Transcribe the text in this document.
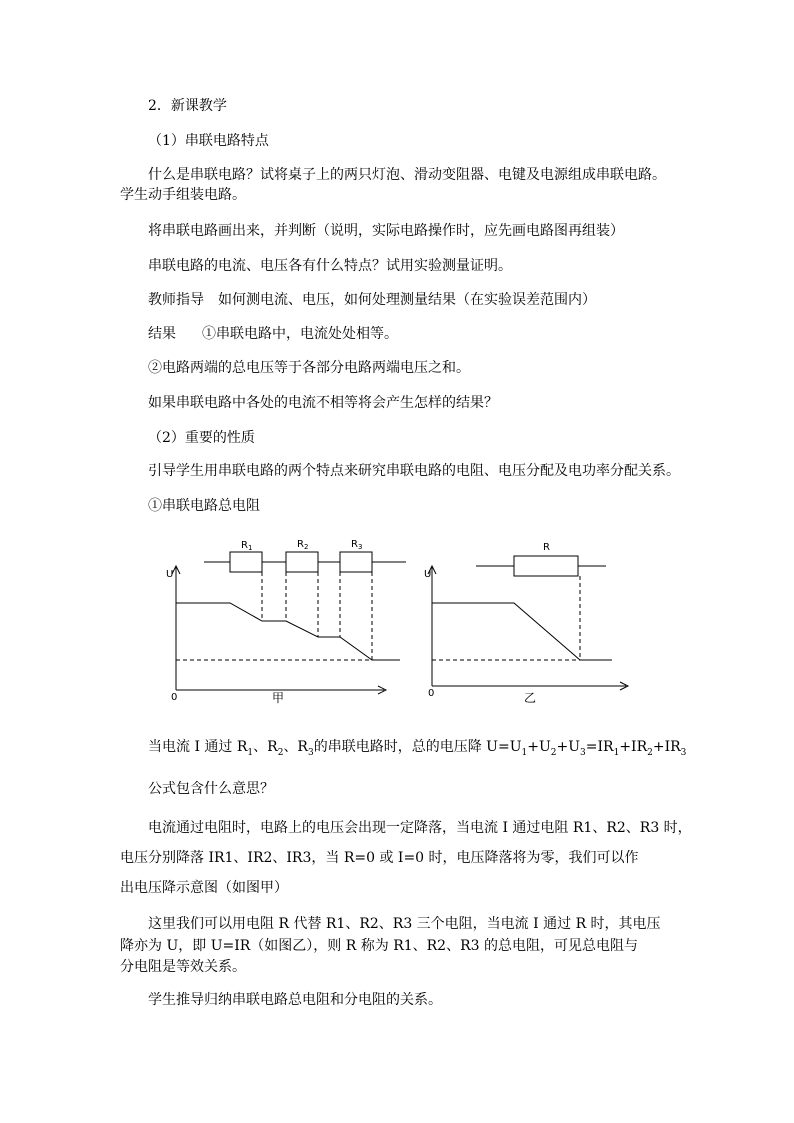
2．新课教学
（1）串联电路特点
什么是串联电路？试将桌子上的两只灯泡、滑动变阻器、电键及电源组成串联电路。
学生动手组装电路。
将串联电路画出来，并判断（说明，实际电路操作时，应先画电路图再组装）
串联电路的电流、电压各有什么特点？试用实验测量证明。
教师指导 如何测电流、电压，如何处理测量结果（在实验误差范围内）
结果 ①串联电路中，电流处处相等。
②电路两端的总电压等于各部分电路两端电压之和。
如果串联电路中各处的电流不相等将会产生怎样的结果？
（2）重要的性质
引导学生用串联电路的两个特点来研究串联电路的电阻、电压分配及电功率分配关系。
①串联电路总电阻
$R_1$	$R_2$	$R_3$
U
0
U
0
R
甲	乙
当电流 I 通过 $R_1$、$R_2$、$R_3$的串联电路时，总的电压降 $U=U_1+U_2+U_3=IR_1+IR_2+IR_3$
公式包含什么意思？
电流通过电阻时，电路上的电压会出现一定降落，当电流 I 通过电阻 R1、R2、R3 时，
电压分别降落 IR1、IR2、IR3，当 R=0 或 I=0 时，电压降落将为零，我们可以作
出电压降示意图（如图甲）
这里我们可以用电阻 R 代替 R1、R2、R3 三个电阻，当电流 I 通过 R 时，其电压
降亦为 U，即 U=IR（如图乙），则 R 称为 R1、R2、R3 的总电阻，可见总电阻与
分电阻是等效关系。
学生推导归纳串联电路总电阻和分电阻的关系。
